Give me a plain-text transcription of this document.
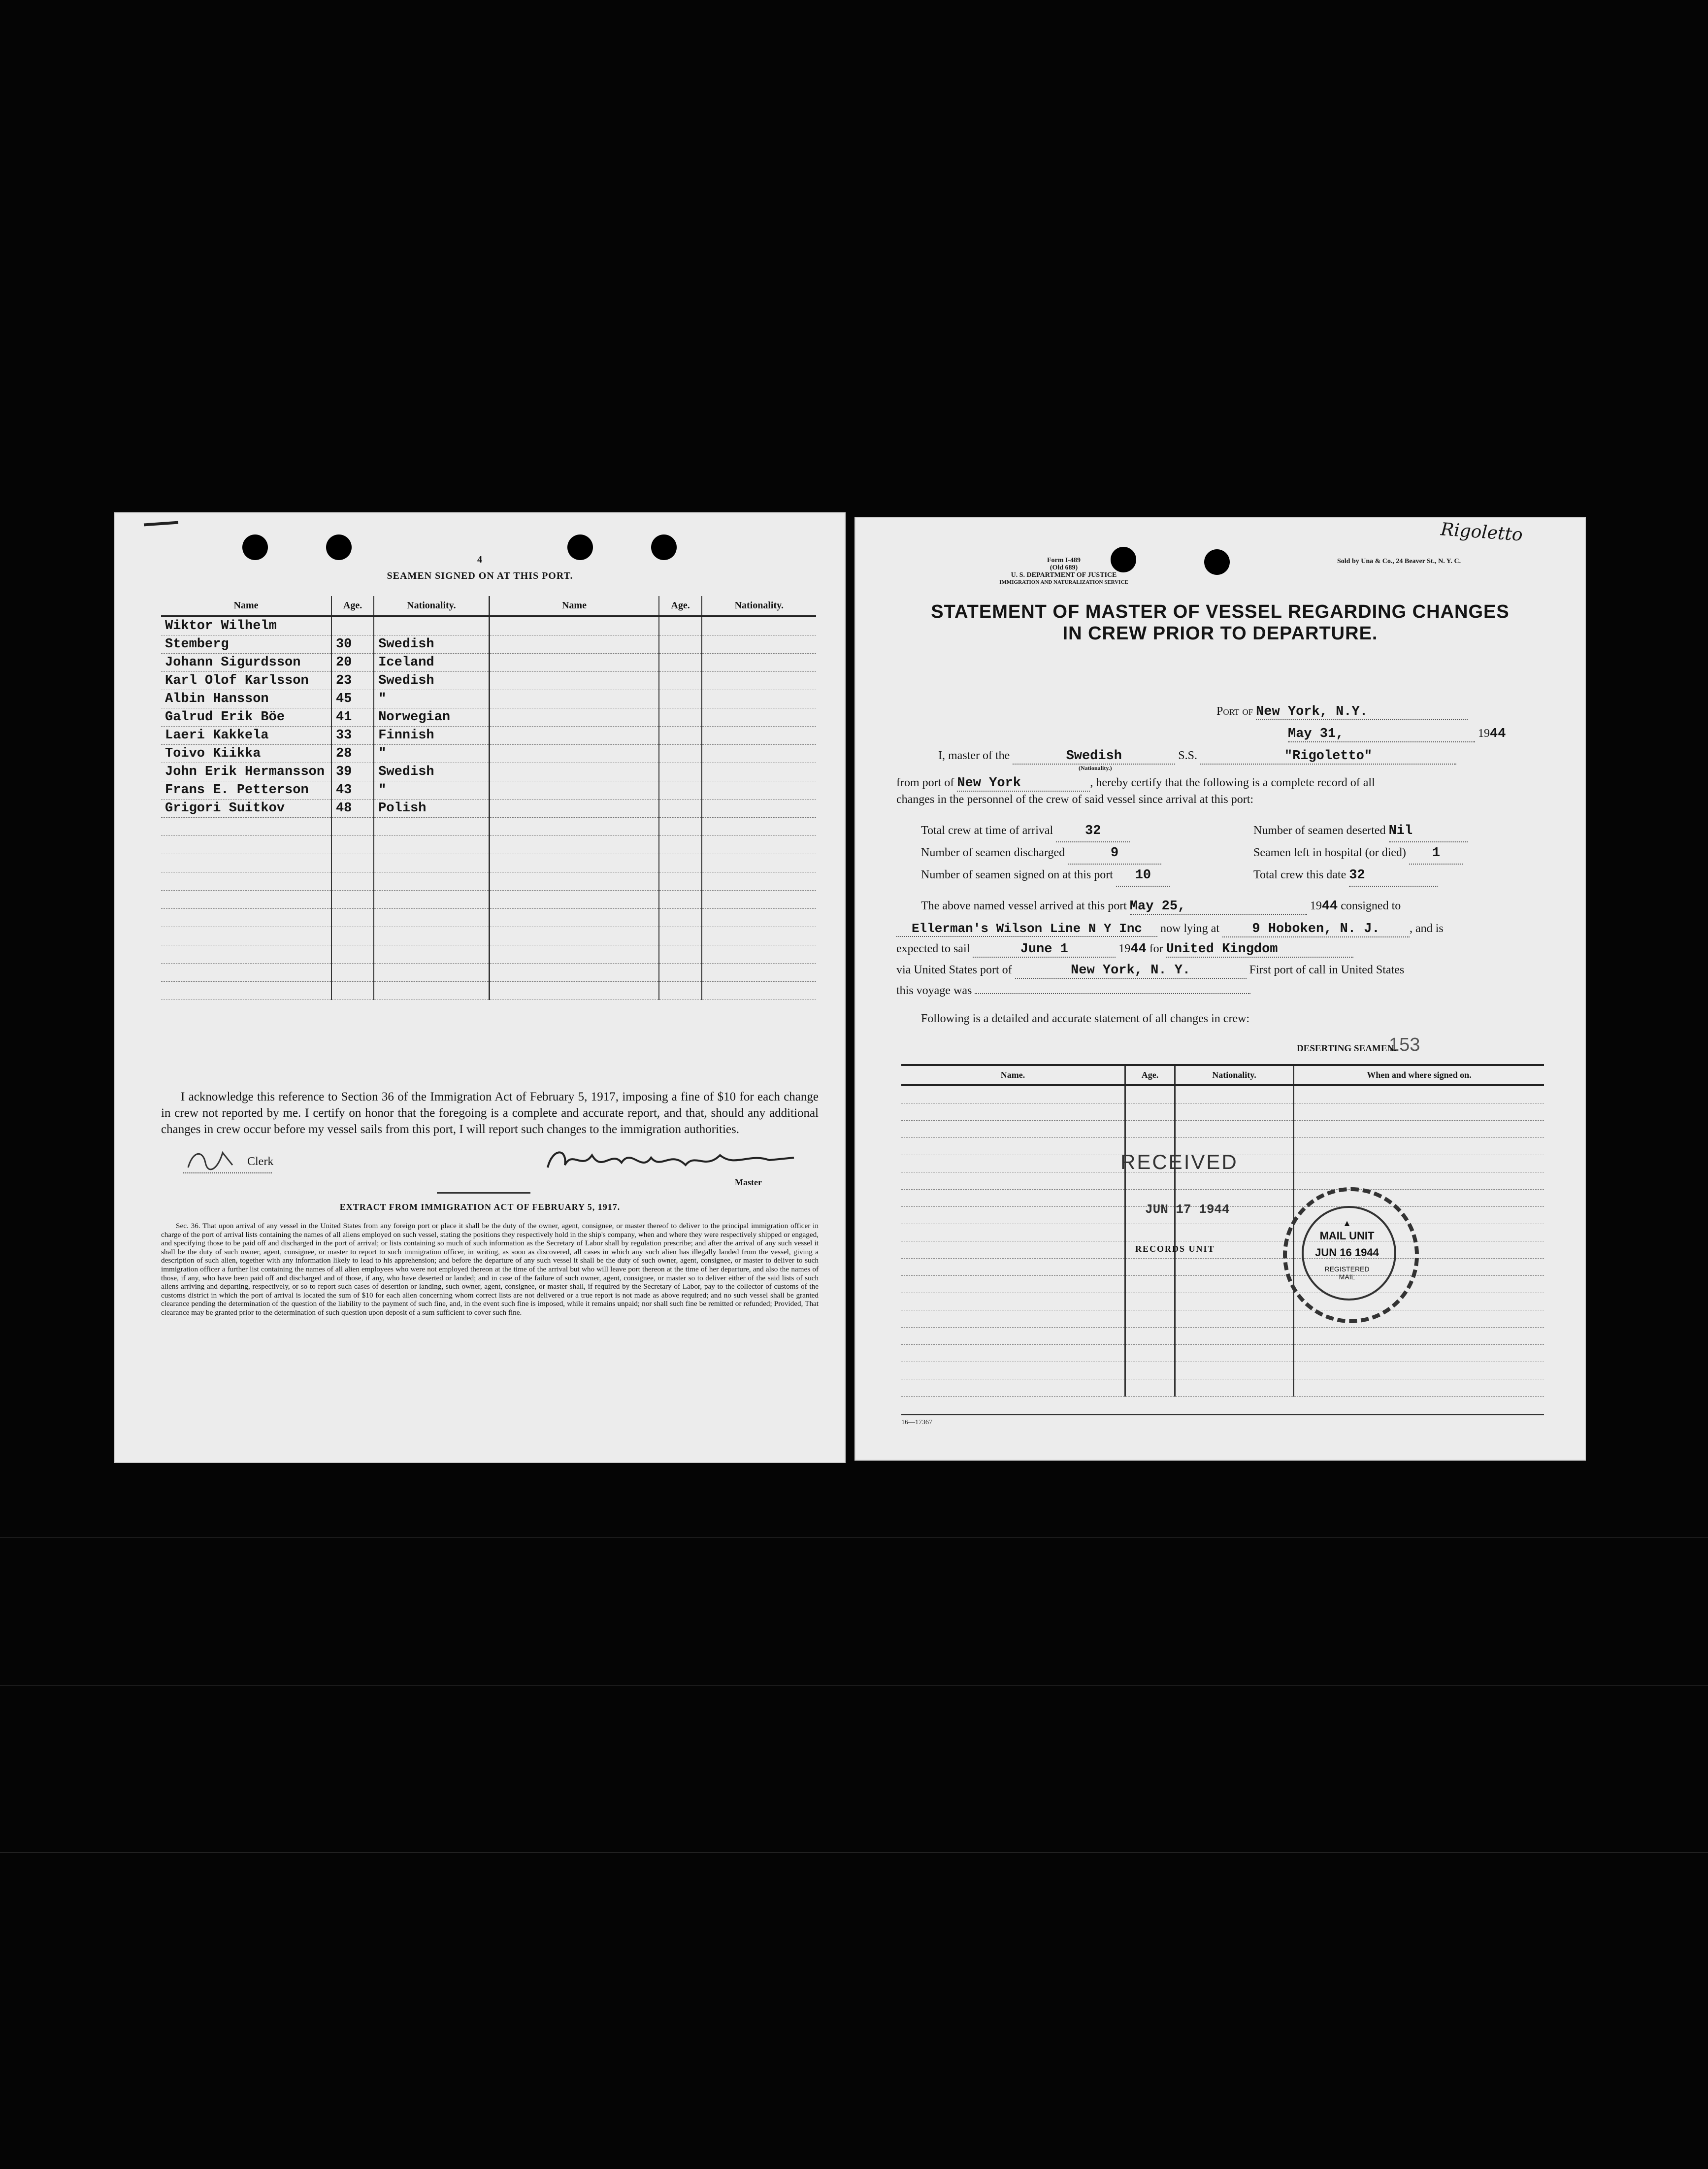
4
SEAMEN SIGNED ON AT THIS PORT.
Name	Age.	Nationality.	Name	Age.	Nationality.
Wiktor Wilhelm					
Stemberg	30	Swedish			
Johann Sigurdsson	20	Iceland			
Karl Olof Karlsson	23	Swedish			
Albin Hansson	45	"			
Galrud Erik Böe	41	Norwegian			
Laeri Kakkela	33	Finnish			
Toivo Kiikka	28	"			
John Erik Hermansson	39	Swedish			
Frans E. Petterson	43	"			
Grigori Suitkov	48	Polish			

I acknowledge this reference to Section 36 of the Immigration Act of February 5, 1917, imposing a fine of $10 for each change in crew not reported by me. I certify on honor that the foregoing is a complete and accurate report, and that, should any additional changes in crew occur before my vessel sails from this port, I will report such changes to the immigration authorities.
Clerk
Master
EXTRACT FROM IMMIGRATION ACT OF FEBRUARY 5, 1917.
Sec. 36. That upon arrival of any vessel in the United States from any foreign port or place it shall be the duty of the owner, agent, consignee, or master thereof to deliver to the principal immigration officer in charge of the port of arrival lists containing the names of all aliens employed on such vessel, stating the positions they respectively hold in the ship's company, when and where they were respectively shipped or engaged, and specifying those to be paid off and discharged in the port of arrival; or lists containing so much of such information as the Secretary of Labor shall by regulation prescribe; and after the arrival of any such vessel it shall be the duty of such owner, agent, consignee, or master to report to such immigration officer, in writing, as soon as discovered, all cases in which any such alien has illegally landed from the vessel, giving a description of such alien, together with any information likely to lead to his apprehension; and before the departure of any such vessel it shall be the duty of such owner, agent, consignee, or master to deliver to such immigration officer a further list containing the names of all alien employees who were not employed thereon at the time of the arrival but who will leave port thereon at the time of her departure, and also the names of those, if any, who have been paid off and discharged and of those, if any, who have deserted or landed; and in case of the failure of such owner, agent, consignee, or master so to deliver either of the said lists of such aliens arriving and departing, respectively, or so to report such cases of desertion or landing, such owner, agent, consignee, or master shall, if required by the Secretary of Labor, pay to the collector of customs of the customs district in which the port of arrival is located the sum of $10 for each alien concerning whom correct lists are not delivered or a true report is not made as above required; and no such vessel shall be granted clearance pending the determination of the question of the liability to the payment of such fine, and, in the event such fine is imposed, while it remains unpaid; nor shall such fine be remitted or refunded; Provided, That clearance may be granted prior to the determination of such question upon deposit of a sum sufficient to cover such fine.
Rigoletto
Form I-489
(Old 689)
U. S. DEPARTMENT OF JUSTICE
IMMIGRATION AND NATURALIZATION SERVICE
Sold by Una & Co., 24 Beaver St., N. Y. C.
STATEMENT OF MASTER OF VESSEL REGARDING CHANGES
IN CREW PRIOR TO DEPARTURE.
Port of New York, N.Y.
May 31,	1944
I, master of the	Swedish	S.S.	"Rigoletto"
(Nationality.)
from port of New York	, hereby certify that the following is a complete record of all
changes in the personnel of the crew of said vessel since arrival at this port:
Total crew at time of arrival 32	Number of seamen deserted Nil
Number of seamen discharged	9	Seamen left in hospital (or died) 1
Number of seamen signed on at this port 10	Total crew this date 32
The above named vessel arrived at this port May 25,	1944 consigned to
Ellerman's Wilson Line N Y Inc now lying at 9 Hoboken, N. J.	, and is
expected to sail	June 1	1944 for United Kingdom
via United States port of	New York, N. Y.	First port of call in United States
this voyage was
Following is a detailed and accurate statement of all changes in crew:
153
DESERTING SEAMEN.
Name.	Age.	Nationality.	When and where signed on.

RECEIVED
JUN 17 1944
RECORDS UNIT
▲
MAIL UNIT
JUN 16 1944
REGISTERED MAIL
16—17367
